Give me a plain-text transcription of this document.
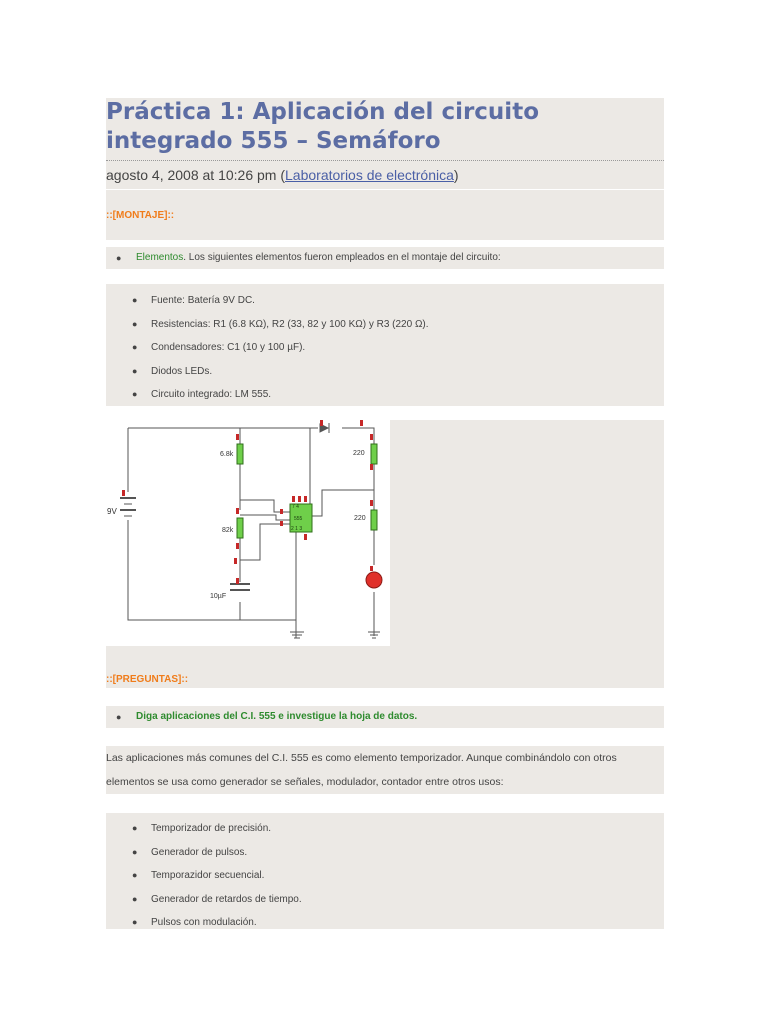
Práctica 1: Aplicación del circuito integrado 555 – Semáforo
agosto 4, 2008 at 10:26 pm (Laboratorios de electrónica)
::[MONTAJE]::
● Elementos. Los siguientes elementos fueron empleados en el montaje del circuito:
● Fuente: Batería 9V DC.
● Resistencias: R1 (6.8 KΩ), R2 (33, 82 y 100 KΩ) y R3 (220 Ω).
● Condensadores: C1 (10 y 100 µF).
● Diodos LEDs.
● Circuito integrado: LM 555.
6.8k
82k
10µF
9V
220
220
7 4
555
2 1 3
::[PREGUNTAS]::
● Diga aplicaciones del C.I. 555 e investigue la hoja de datos.
Las aplicaciones más comunes del C.I. 555 es como elemento temporizador. Aunque combinándolo con otros elementos se usa como generador se señales, modulador, contador entre otros usos:
● Temporizador de precisión.
● Generador de pulsos.
● Temporazidor secuencial.
● Generador de retardos de tiempo.
● Pulsos con modulación.
